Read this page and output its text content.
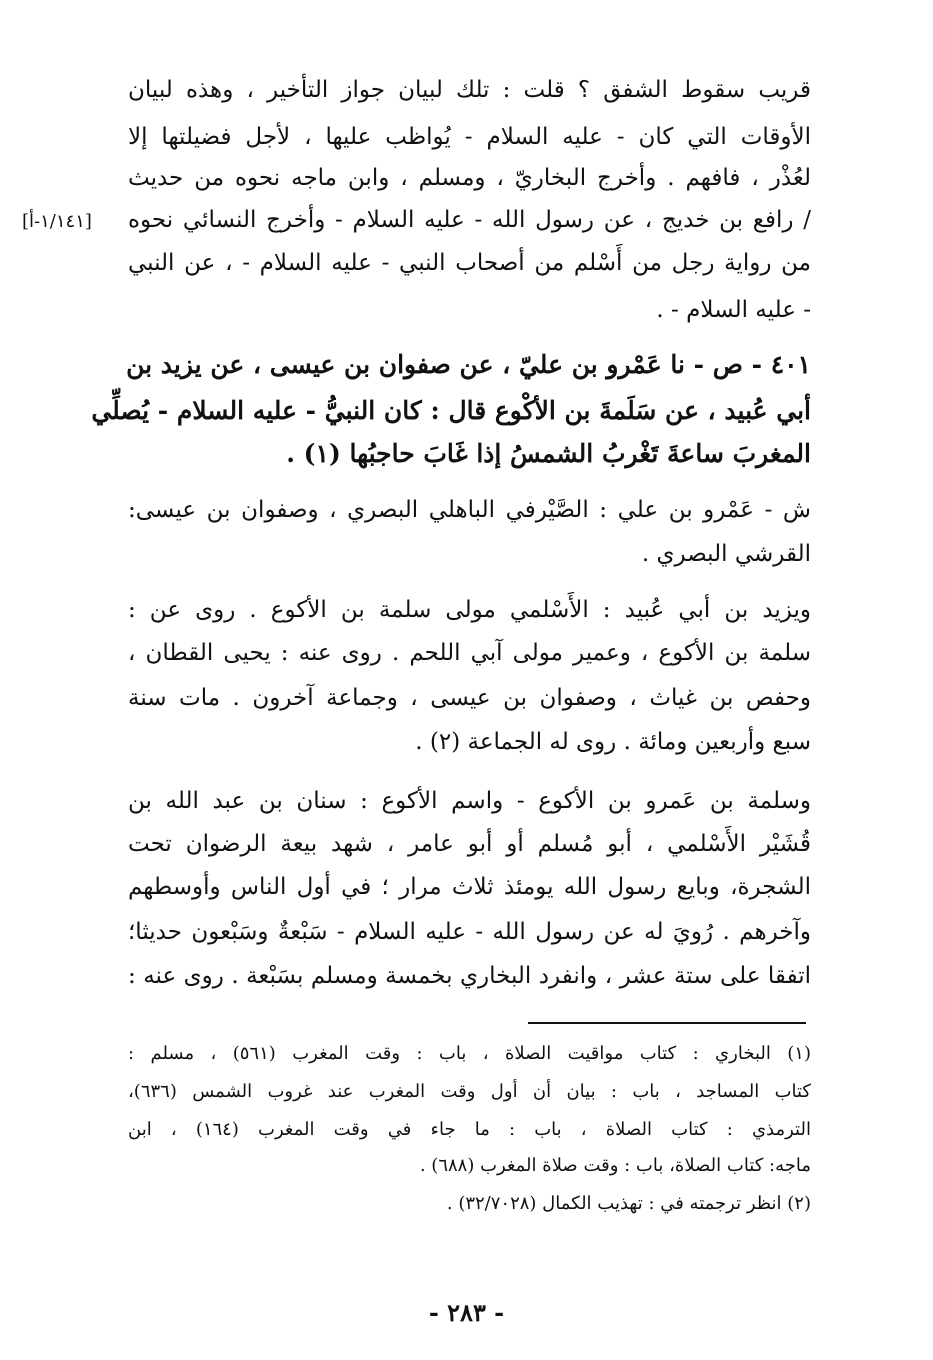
قريب سقوط الشفق ؟ قلت : تلك لبيان جواز التأخير ، وهذه لبيان
الأوقات التي كان - عليه السلام - يُواظب عليها ، لأجل فضيلتها إلا
لعُذْر ، فافهم . وأخرج البخاريّ ، ومسلم ، وابن ماجه نحوه من حديث
/ رافع بن خديج ، عن رسول الله - عليه السلام - وأخرج النسائي نحوه
من رواية رجل من أَسْلم من أصحاب النبي - عليه السلام - ، عن النبي
- عليه السلام - .
٤٠١ - ص - نا عَمْرو بن عليّ ، عن صفوان بن عيسى ، عن يزيد بن
أبي عُبيد ، عن سَلَمةَ بن الأكْوع قال : كان النبيُّ - عليه السلام - يُصلِّي
المغربَ ساعةَ تَغْربُ الشمسُ إذا غَابَ حاجبُها (١) .
ش - عَمْرو بن علي : الصَّيْرفي الباهلي البصري ، وصفوان بن عيسى:
القرشي البصري .
ويزيد بن أبي عُبيد : الأَسْلمي مولى سلمة بن الأكوع . روى عن :
سلمة بن الأكوع ، وعمير مولى آبي اللحم . روى عنه : يحيى القطان ،
وحفص بن غياث ، وصفوان بن عيسى ، وجماعة آخرون . مات سنة
سبع وأربعين ومائة . روى له الجماعة (٢) .
وسلمة بن عَمرو بن الأكوع - واسم الأكوع : سنان بن عبد الله بن
قُشَيْر الأَسْلمي ، أبو مُسلم أو أبو عامر ، شهد بيعة الرضوان تحت
الشجرة، وبايع رسول الله يومئذ ثلاث مرار ؛ في أول الناس وأوسطهم
وآخرهم . رُويَ له عن رسول الله - عليه السلام - سَبْعةٌ وسَبْعون حديثا؛
اتفقا على ستة عشر ، وانفرد البخاري بخمسة ومسلم بسَبْعة . روى عنه :
[١/١٤١-أ]
(١) البخاري : كتاب مواقيت الصلاة ، باب : وقت المغرب (٥٦١) ، مسلم :
كتاب المساجد ، باب : بيان أن أول وقت المغرب عند غروب الشمس (٦٣٦)،
الترمذي : كتاب الصلاة ، باب : ما جاء في وقت المغرب (١٦٤) ، ابن
ماجه: كتاب الصلاة، باب : وقت صلاة المغرب (٦٨٨) .
(٢) انظر ترجمته في : تهذيب الكمال (٣٢/٧٠٢٨) .
- ٢٨٣ -
